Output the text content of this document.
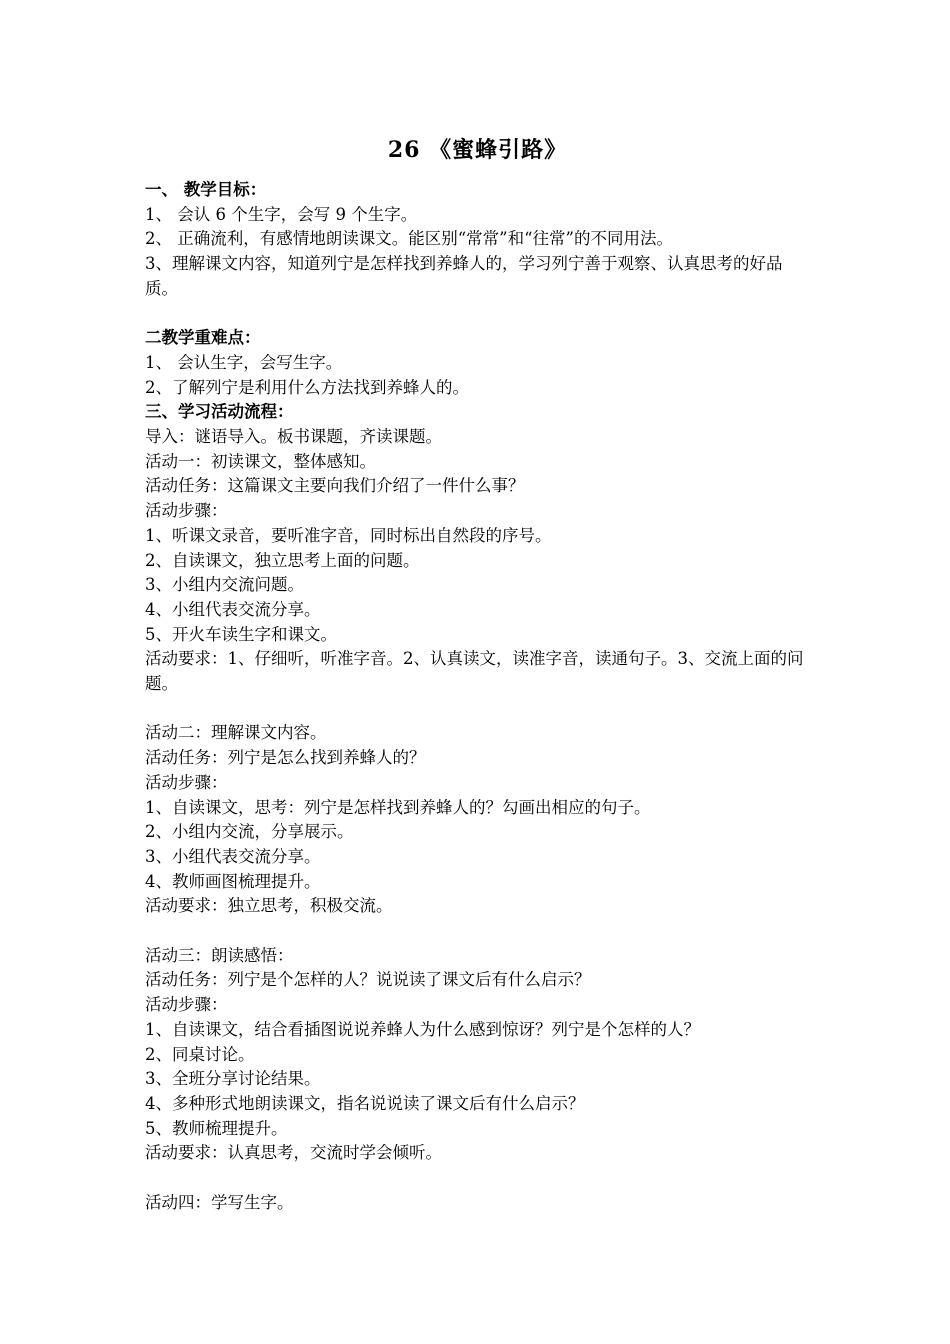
26 《蜜蜂引路》

一、 教学目标：

1、 会认 6 个生字，会写 9 个生字。

2、 正确流利，有感情地朗读课文。能区别“常常”和“往常”的不同用法。

3、理解课文内容，知道列宁是怎样找到养蜂人的，学习列宁善于观察、认真思考的好品质。

二教学重难点：

1、 会认生字，会写生字。

2、了解列宁是利用什么方法找到养蜂人的。

三、学习活动流程：

导入：谜语导入。板书课题，齐读课题。

活动一：初读课文，整体感知。

活动任务：这篇课文主要向我们介绍了一件什么事？

活动步骤：

1、听课文录音，要听准字音，同时标出自然段的序号。

2、自读课文，独立思考上面的问题。

3、小组内交流问题。

4、小组代表交流分享。

5、开火车读生字和课文。

活动要求：1、仔细听，听准字音。2、认真读文，读准字音，读通句子。3、交流上面的问题。

活动二：理解课文内容。

活动任务：列宁是怎么找到养蜂人的？

活动步骤：

1、自读课文，思考：列宁是怎样找到养蜂人的？勾画出相应的句子。

2、小组内交流，分享展示。

3、小组代表交流分享。

4、教师画图梳理提升。

活动要求：独立思考，积极交流。

活动三：朗读感悟：

活动任务：列宁是个怎样的人？说说读了课文后有什么启示？

活动步骤：

1、自读课文，结合看插图说说养蜂人为什么感到惊讶？列宁是个怎样的人？

2、同桌讨论。

3、全班分享讨论结果。

4、多种形式地朗读课文，指名说说读了课文后有什么启示？

5、教师梳理提升。

活动要求：认真思考，交流时学会倾听。

活动四：学写生字。
